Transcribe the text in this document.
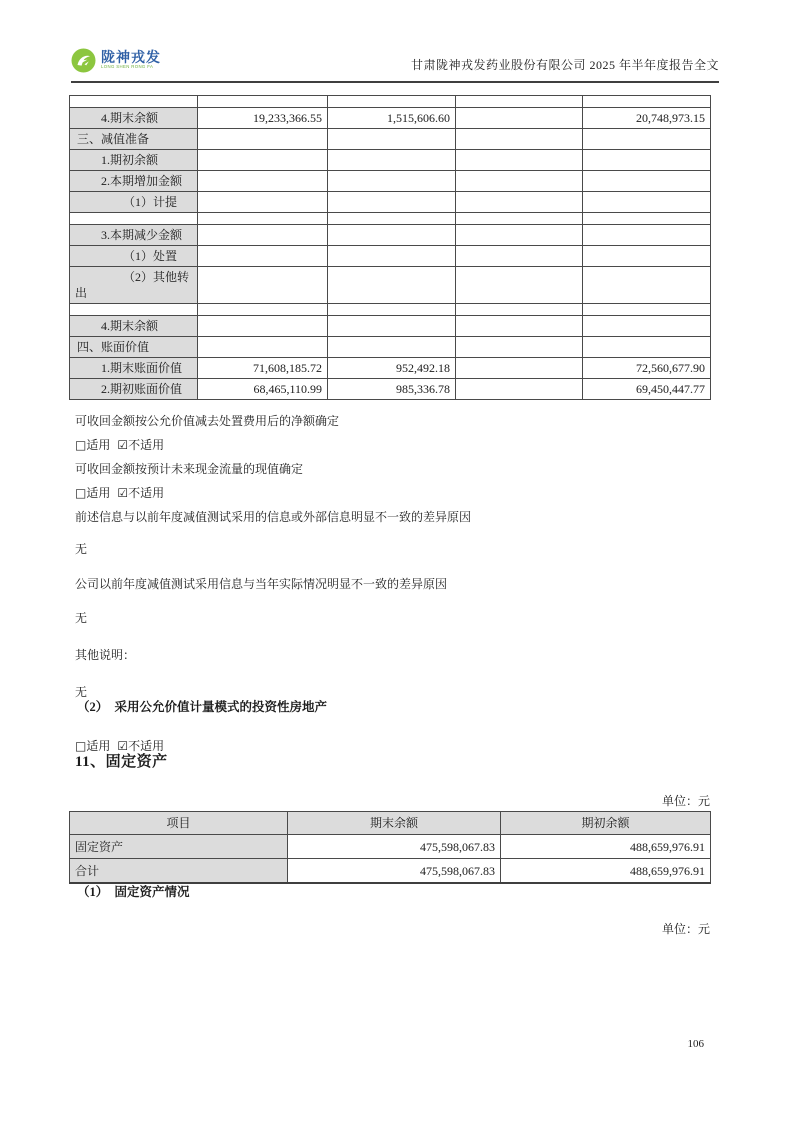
陇神戎发
LONG SHEN RONG FA	甘肃陇神戎发药业股份有限公司 2025 年半年度报告全文

4.期末余额	19,233,366.55	1,515,606.60		20,748,973.15
三、减值准备				
1.期初余额				
2.本期增加金额				
（1）计提				

3.本期减少金额				
（1）处置				
（2）其他转出				

4.期末余额				
四、账面价值				
1.期末账面价值	71,608,185.72	952,492.18		72,560,677.90
2.期初账面价值	68,465,110.99	985,336.78		69,450,447.77

可收回金额按公允价值减去处置费用后的净额确定

□适用 ☑不适用

可收回金额按预计未来现金流量的现值确定

□适用 ☑不适用

前述信息与以前年度减值测试采用的信息或外部信息明显不一致的差异原因

无

公司以前年度减值测试采用信息与当年实际情况明显不一致的差异原因

无

其他说明：

无

（2）　采用公允价值计量模式的投资性房地产
□适用 ☑不适用
11、固定资产
单位：元
项目	期末余额	期初余额
固定资产	475,598,067.83	488,659,976.91
合计	475,598,067.83	488,659,976.91
（1）　固定资产情况
单位：元
106
